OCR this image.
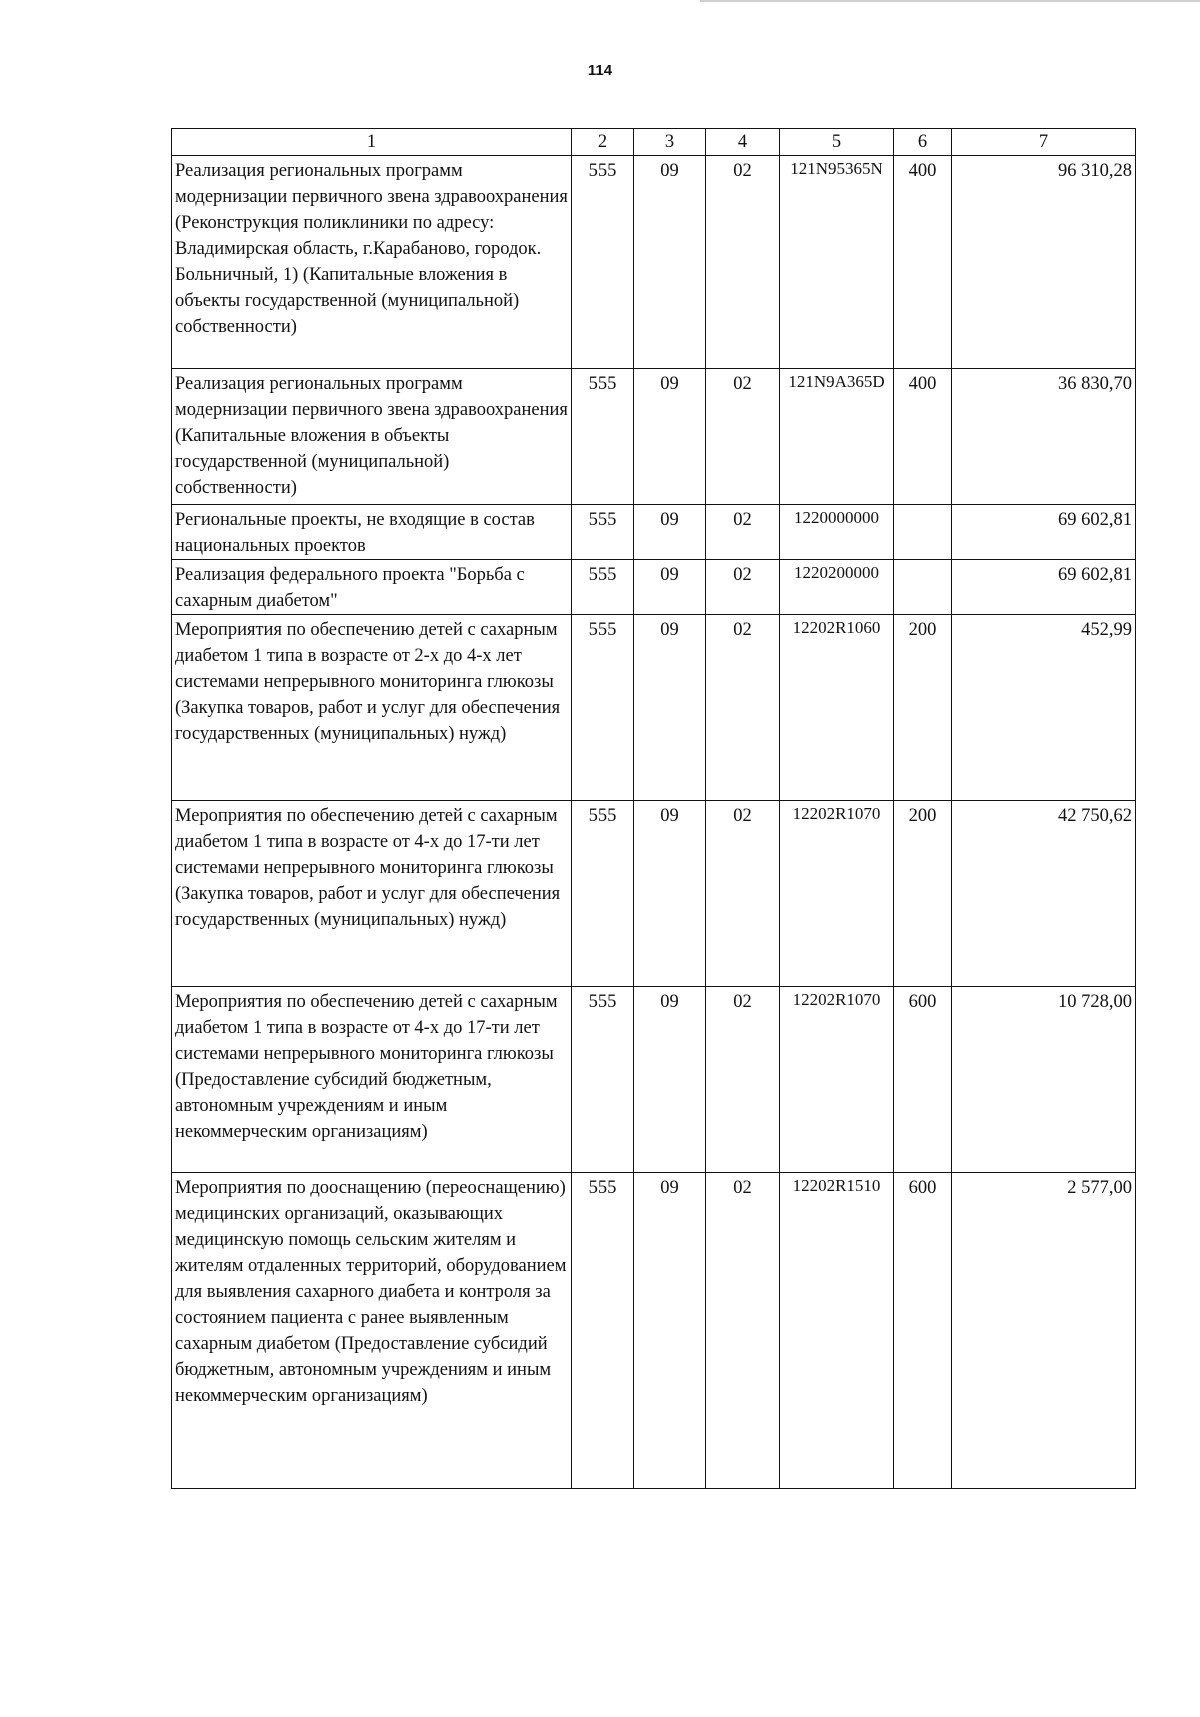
114
1	2	3	4	5	6	7
Реализация региональных программ модернизации первичного звена здравоохранения (Реконструкция поликлиники по адресу: Владимирская область, г.Карабаново, городок. Больничный, 1) (Капитальные вложения в объекты государственной (муниципальной) собственности)	555	09	02	121N95365N	400	96 310,28
Реализация региональных программ модернизации первичного звена здравоохранения (Капитальные вложения в объекты государственной (муниципальной) собственности)	555	09	02	121N9A365D	400	36 830,70
Региональные проекты, не входящие в состав национальных проектов	555	09	02	1220000000		69 602,81
Реализация федерального проекта "Борьба с сахарным диабетом"	555	09	02	1220200000		69 602,81
Мероприятия по обеспечению детей с сахарным диабетом 1 типа в возрасте от 2-х до 4-х лет системами непрерывного мониторинга глюкозы (Закупка товаров, работ и услуг для обеспечения государственных (муниципальных) нужд)	555	09	02	12202R1060	200	452,99
Мероприятия по обеспечению детей с сахарным диабетом 1 типа в возрасте от 4-х до 17-ти лет системами непрерывного мониторинга глюкозы (Закупка товаров, работ и услуг для обеспечения государственных (муниципальных) нужд)	555	09	02	12202R1070	200	42 750,62
Мероприятия по обеспечению детей с сахарным диабетом 1 типа в возрасте от 4-х до 17-ти лет системами непрерывного мониторинга глюкозы (Предоставление субсидий бюджетным, автономным учреждениям и иным некоммерческим организациям)	555	09	02	12202R1070	600	10 728,00
Мероприятия по дооснащению (переоснащению) медицинских организаций, оказывающих медицинскую помощь сельским жителям и жителям отдаленных территорий, оборудованием для выявления сахарного диабета и контроля за состоянием пациента с ранее выявленным сахарным диабетом (Предоставление субсидий бюджетным, автономным учреждениям и иным некоммерческим организациям)	555	09	02	12202R1510	600	2 577,00
